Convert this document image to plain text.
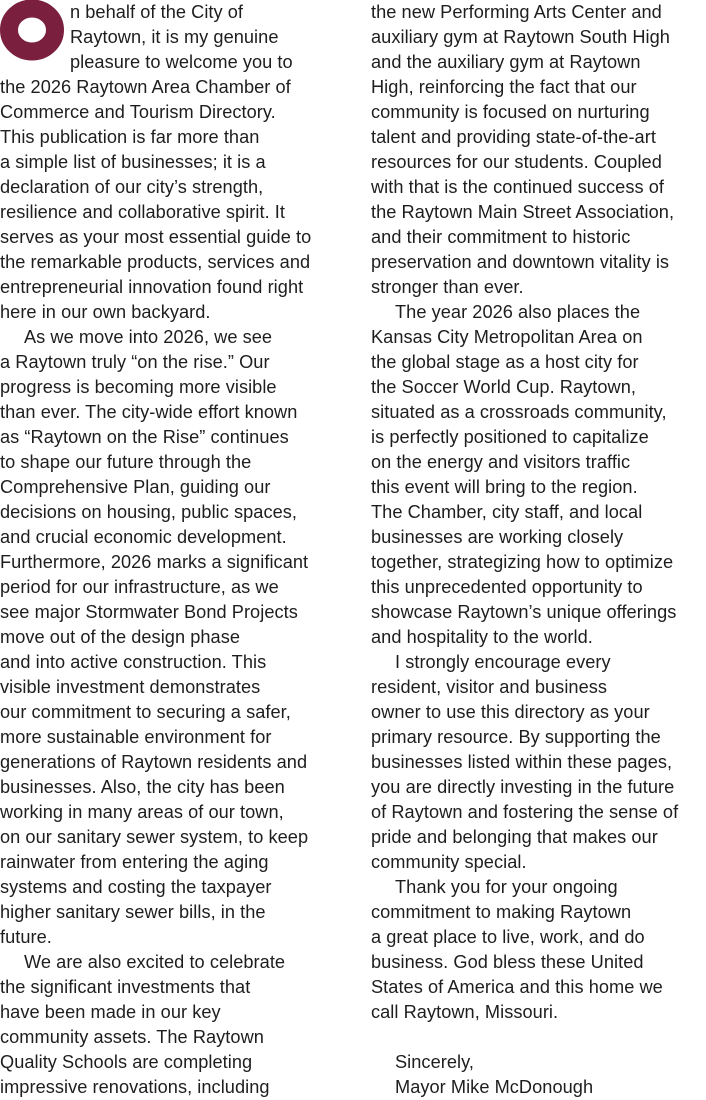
n behalf of the City of
Raytown, it is my genuine
pleasure to welcome you to
the 2026 Raytown Area Chamber of
Commerce and Tourism Directory.
This publication is far more than
a simple list of businesses; it is a
declaration of our city’s strength,
resilience and collaborative spirit. It
serves as your most essential guide to
the remarkable products, services and
entrepreneurial innovation found right
here in our own backyard.
As we move into 2026, we see
a Raytown truly “on the rise.” Our
progress is becoming more visible
than ever. The city-wide effort known
as “Raytown on the Rise” continues
to shape our future through the
Comprehensive Plan, guiding our
decisions on housing, public spaces,
and crucial economic development.
Furthermore, 2026 marks a significant
period for our infrastructure, as we
see major Stormwater Bond Projects
move out of the design phase
and into active construction. This
visible investment demonstrates
our commitment to securing a safer,
more sustainable environment for
generations of Raytown residents and
businesses. Also, the city has been
working in many areas of our town,
on our sanitary sewer system, to keep
rainwater from entering the aging
systems and costing the taxpayer
higher sanitary sewer bills, in the
future.
We are also excited to celebrate
the significant investments that
have been made in our key
community assets. The Raytown
Quality Schools are completing
impressive renovations, including
the new Performing Arts Center and
auxiliary gym at Raytown South High
and the auxiliary gym at Raytown
High, reinforcing the fact that our
community is focused on nurturing
talent and providing state-of-the-art
resources for our students. Coupled
with that is the continued success of
the Raytown Main Street Association,
and their commitment to historic
preservation and downtown vitality is
stronger than ever.
The year 2026 also places the
Kansas City Metropolitan Area on
the global stage as a host city for
the Soccer World Cup. Raytown,
situated as a crossroads community,
is perfectly positioned to capitalize
on the energy and visitors traffic
this event will bring to the region.
The Chamber, city staff, and local
businesses are working closely
together, strategizing how to optimize
this unprecedented opportunity to
showcase Raytown’s unique offerings
and hospitality to the world.
I strongly encourage every
resident, visitor and business
owner to use this directory as your
primary resource. By supporting the
businesses listed within these pages,
you are directly investing in the future
of Raytown and fostering the sense of
pride and belonging that makes our
community special.
Thank you for your ongoing
commitment to making Raytown
a great place to live, work, and do
business. God bless these United
States of America and this home we
call Raytown, Missouri.
Sincerely,
Mayor Mike McDonough
